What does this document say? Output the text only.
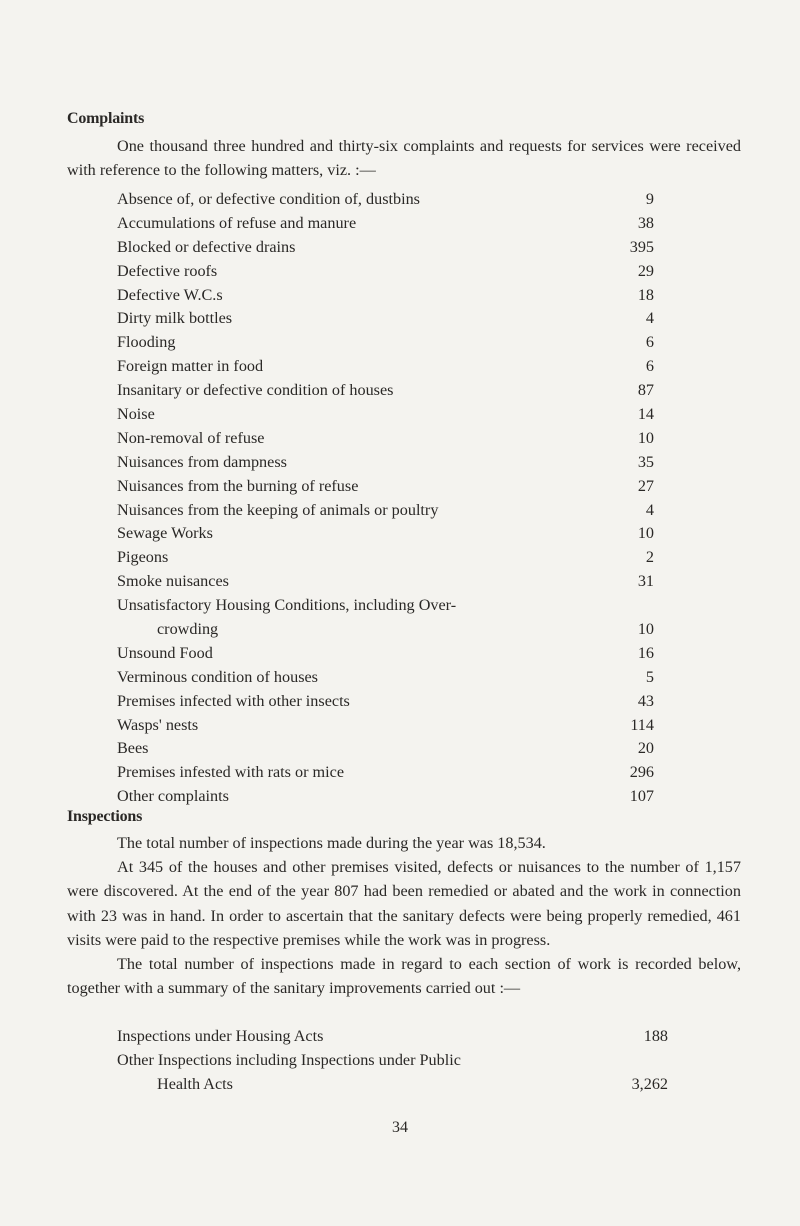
Complaints

One thousand three hundred and thirty-six complaints and requests for services were received with reference to the following matters, viz. :—

Absence of, or defective condition of, dustbins	9
Accumulations of refuse and manure	38
Blocked or defective drains	395
Defective roofs	29
Defective W.C.s	18
Dirty milk bottles	4
Flooding	6
Foreign matter in food	6
Insanitary or defective condition of houses	87
Noise	14
Non-removal of refuse	10
Nuisances from dampness	35
Nuisances from the burning of refuse	27
Nuisances from the keeping of animals or poultry	4
Sewage Works	10
Pigeons	2
Smoke nuisances	31
Unsatisfactory Housing Conditions, including Over-
crowding	10
Unsound Food	16
Verminous condition of houses	5
Premises infected with other insects	43
Wasps' nests	114
Bees	20
Premises infested with rats or mice	296
Other complaints	107
Inspections

The total number of inspections made during the year was 18,534.

At 345 of the houses and other premises visited, defects or nuisances to the number of 1,157 were discovered. At the end of the year 807 had been remedied or abated and the work in connection with 23 was in hand. In order to ascertain that the sanitary defects were being properly remedied, 461 visits were paid to the respective premises while the work was in progress.

The total number of inspections made in regard to each section of work is recorded below, together with a summary of the sanitary improvements carried out :—

Inspections under Housing Acts	188
Other Inspections including Inspections under Public
Health Acts	3,262
34
